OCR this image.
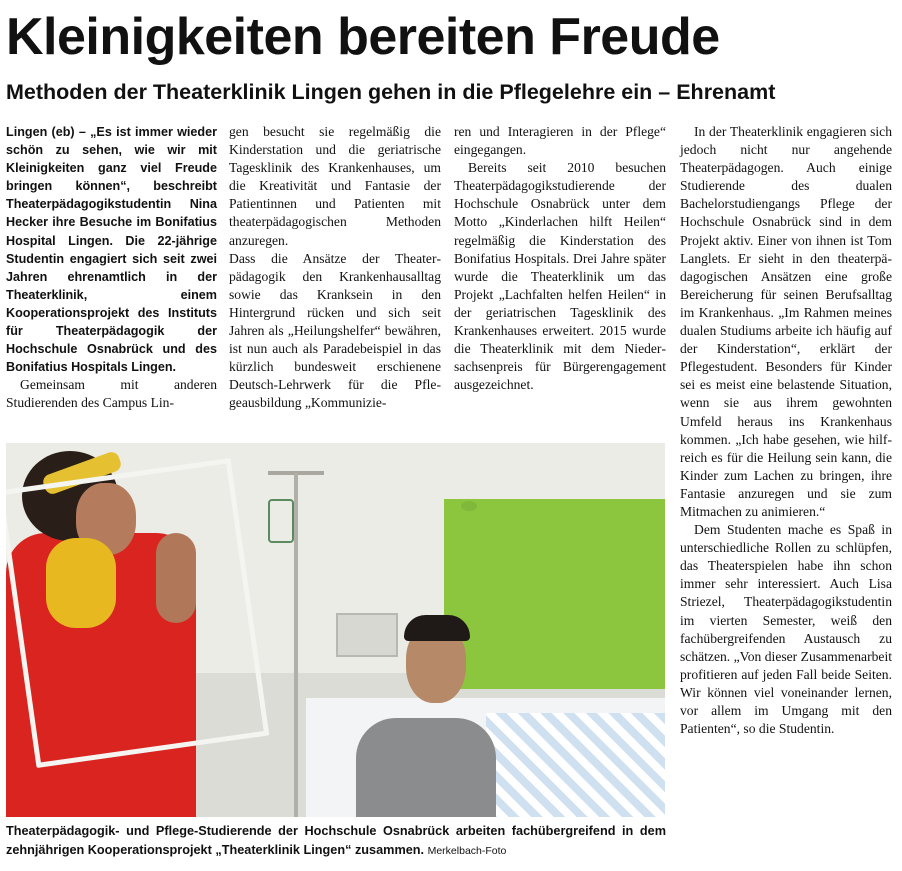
Kleinigkeiten bereiten Freude
Methoden der Theaterklinik Lingen gehen in die Pflegelehre ein – Ehrenamt

Lingen (eb) – „Es ist immer wieder schön zu sehen, wie wir mit Kleinigkeiten ganz viel Freude bringen können“, beschreibt Theaterpädagogikstudentin Nina Hecker ihre Besuche im Bonifatius Hospital Lingen. Die 22-jährige Studentin engagiert sich seit zwei Jahren ehrenamtlich in der Theaterklinik, einem Kooperationsprojekt des Instituts für Theaterpädagogik der Hochschule Osnabrück und des Bonifatius Hospitals Lingen.

Gemeinsam mit anderen Studierenden des Campus Lin-

gen besucht sie regelmäßig die Kinderstation und die geriatrische Tagesklinik des Krankenhauses, um die Kreativität und Fantasie der Patientinnen und Patienten mit theaterpädagogischen Methoden anzuregen.

Dass die Ansätze der Theaterpädagogik den Krankenhausalltag sowie das Kranksein in den Hintergrund rücken und sich seit Jahren als „Heilungshelfer“ bewähren, ist nun auch als Paradebeispiel in das kürzlich bundesweit erschienene Deutsch-Lehrwerk für die Pflegeausbildung „Kommunizie-

ren und Interagieren in der Pflege“ eingegangen.

Bereits seit 2010 besuchen Theaterpädagogikstudierende der Hochschule Osnabrück unter dem Motto „Kinderlachen hilft Heilen“ regelmäßig die Kinderstation des Bonifatius Hospitals. Drei Jahre später wurde die Theaterklinik um das Projekt „Lachfalten helfen Heilen“ in der geriatrischen Tagesklinik des Krankenhauses erweitert. 2015 wurde die Theaterklinik mit dem Niedersachsenpreis für Bürgerengagement ausgezeichnet.

In der Theaterklinik engagieren sich jedoch nicht nur angehende Theaterpädagogen. Auch einige Studierende des dualen Bachelorstudiengangs Pflege der Hochschule Osnabrück sind in dem Projekt aktiv. Einer von ihnen ist Tom Langlets. Er sieht in den theaterpädagogischen Ansätzen eine große Bereicherung für seinen Berufsalltag im Krankenhaus. „Im Rahmen meines dualen Studiums arbeite ich häufig auf der Kinderstation“, erklärt der Pflegestudent. Besonders für Kinder sei es meist eine belastende Situation, wenn sie aus ihrem gewohnten Umfeld heraus ins Krankenhaus kommen. „Ich habe gesehen, wie hilfreich es für die Heilung sein kann, die Kinder zum Lachen zu bringen, ihre Fantasie anzuregen und sie zum Mitmachen zu animieren.“

Dem Studenten mache es Spaß in unterschiedliche Rollen zu schlüpfen, das Theaterspielen habe ihn schon immer sehr interessiert. Auch Lisa Striezel, Theaterpädagogikstudentin im vierten Semester, weiß den fachübergreifenden Austausch zu schätzen. „Von dieser Zusammenarbeit profitieren auf jeden Fall beide Seiten. Wir können viel voneinander lernen, vor allem im Umgang mit den Patienten“, so die Studentin.

Theaterpädagogik- und Pflege-Studierende der Hochschule Osnabrück arbeiten fachübergreifend in dem zehnjährigen Kooperationsprojekt „Theaterklinik Lingen“ zusammen. Merkelbach-Foto
